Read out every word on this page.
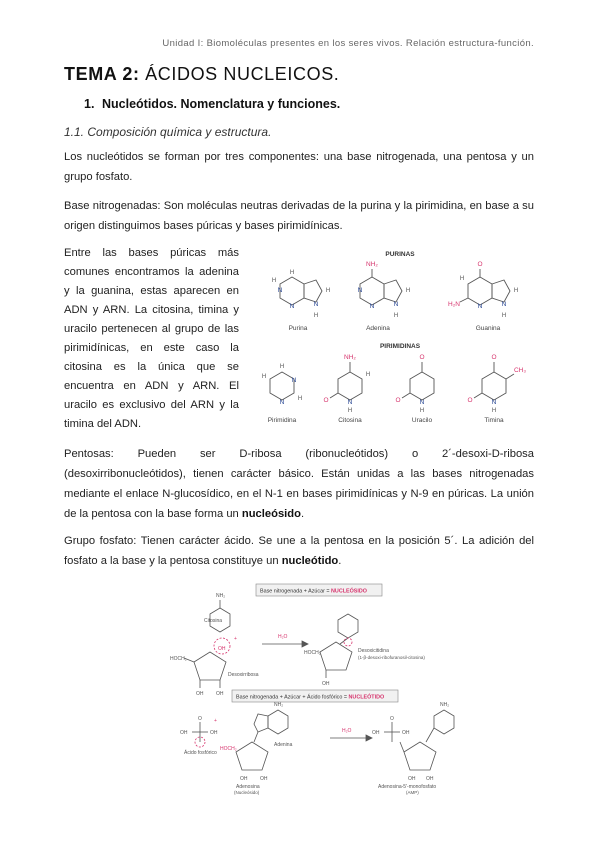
Unidad I: Biomoléculas presentes en los seres vivos. Relación estructura-función.
TEMA 2: ÁCIDOS NUCLEICOS.
1. Nucleótidos. Nomenclatura y funciones.
1.1. Composición química y estructura.
Los nucleótidos se forman por tres componentes: una base nitrogenada, una pentosa y un grupo fosfato.
Base nitrogenadas: Son moléculas neutras derivadas de la purina y la pirimidina, en base a su origen distinguimos bases púricas y bases pirimidínicas.
Entre las bases púricas más comunes encontramos la adenina y la guanina, estas aparecen en ADN y ARN. La citosina, timina y uracilo pertenecen al grupo de las pirimidínicas, en este caso la citosina es la única que se encuentra en ADN y ARN. El uracilo es exclusivo del ARN y la timina del ADN.
PURINAS
PIRIMIDINAS
N
N	N
N
N	N	N	N
N
N
N	N	N
H
H
H
H
H
H
H
H
H
H
H
H
H
H	H	H
NH₂	O
H₂N
NH₂
O
O
O
O
CH₃
O
Purina	Adenina	Guanina
Pirimidina	Citosina	Uracilo	Timina
Pentosas: Pueden ser D-ribosa (ribonucleótidos) o 2´-desoxi-D-ribosa (desoxirribonucleótidos), tienen carácter básico. Están unidas a las bases nitrogenadas mediante el enlace N-glucosídico, en el N-1 en bases pirimidínicas y N-9 en púricas. La unión de la pentosa con la base forma un nucleósido.
Grupo fosfato: Tienen carácter ácido. Se une a la pentosa en la posición 5´. La adición del fosfato a la base y la pentosa constituye un nucleótido.
Base nitrogenada + Azúcar = NUCLEÓSIDO
NH₂
Citosina
+
OH
HOCH₂
OH	OH
Desoxirribosa
H₂O
HOCH₂
OH
Desoxicitidina
(1-β-desoxi-ribofuranosil-citosina)
Base nitrogenada + Azúcar + Ácido fosfórico = NUCLEÓTIDO
O
OH	OH
+
Ácido fosfórico
NH₂
Adenina
HOCH₂
OH	OH
Adenosina
(Nucleósido)
H₂O
O
OH	OH
NH₂
OH OH
Adenosina-5'-monofosfato
(AMP)
